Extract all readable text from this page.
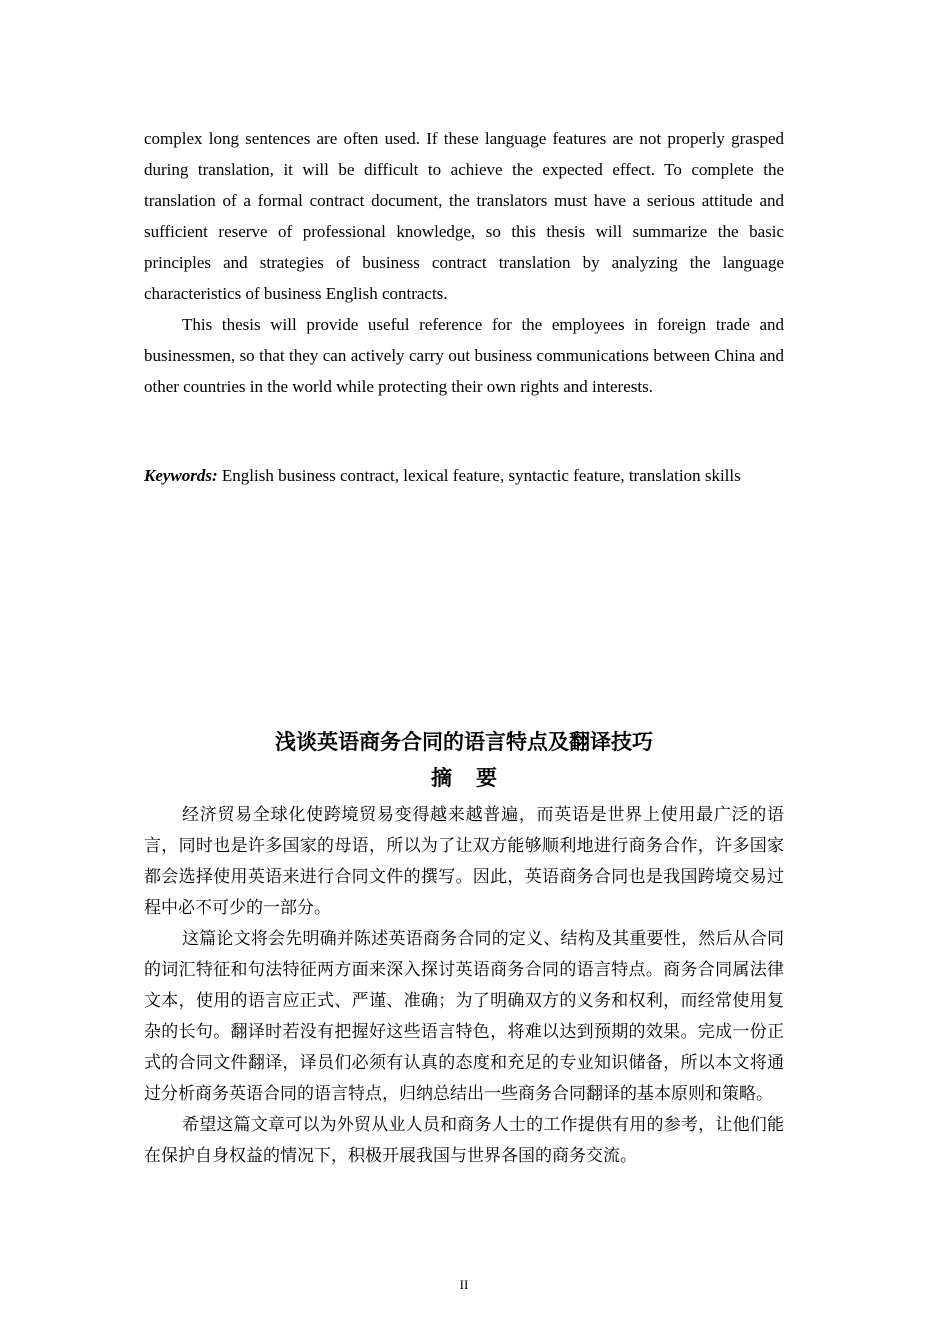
complex long sentences are often used. If these language features are not properly grasped during translation, it will be difficult to achieve the expected effect. To complete the translation of a formal contract document, the translators must have a serious attitude and sufficient reserve of professional knowledge, so this thesis will summarize the basic principles and strategies of business contract translation by analyzing the language characteristics of business English contracts.

This thesis will provide useful reference for the employees in foreign trade and businessmen, so that they can actively carry out business communications between China and other countries in the world while protecting their own rights and interests.

Keywords: English business contract, lexical feature, syntactic feature, translation skills
浅谈英语商务合同的语言特点及翻译技巧
摘要

经济贸易全球化使跨境贸易变得越来越普遍，而英语是世界上使用最广泛的语言，同时也是许多国家的母语，所以为了让双方能够顺利地进行商务合作，许多国家都会选择使用英语来进行合同文件的撰写。因此，英语商务合同也是我国跨境交易过程中必不可少的一部分。

这篇论文将会先明确并陈述英语商务合同的定义、结构及其重要性，然后从合同的词汇特征和句法特征两方面来深入探讨英语商务合同的语言特点。商务合同属法律文本，使用的语言应正式、严谨、准确；为了明确双方的义务和权利，而经常使用复杂的长句。翻译时若没有把握好这些语言特色，将难以达到预期的效果。完成一份正式的合同文件翻译，译员们必须有认真的态度和充足的专业知识储备，所以本文将通过分析商务英语合同的语言特点，归纳总结出一些商务合同翻译的基本原则和策略。

希望这篇文章可以为外贸从业人员和商务人士的工作提供有用的参考，让他们能在保护自身权益的情况下，积极开展我国与世界各国的商务交流。

II
